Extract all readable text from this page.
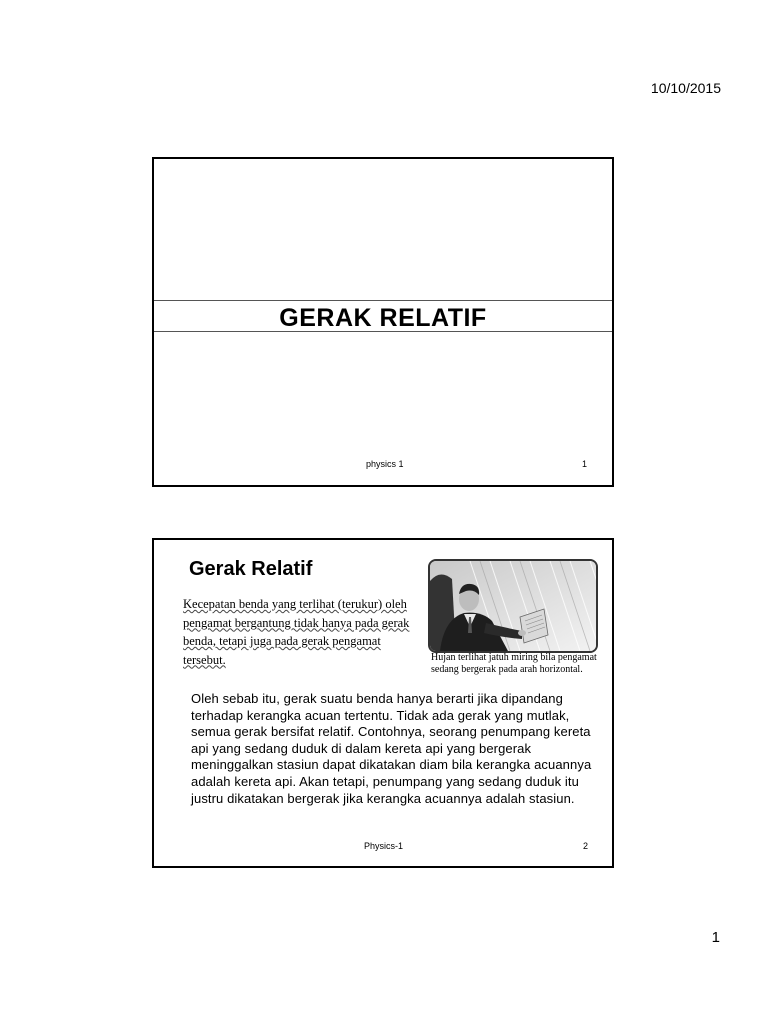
10/10/2015
GERAK RELATIF
physics 1	1
Gerak Relatif
Kecepatan benda yang terlihat (terukur) oleh pengamat bergantung tidak hanya pada gerak benda, tetapi juga pada gerak pengamat tersebut.	Hujan terlihat jatuh miring bila pengamat sedang bergerak pada arah horizontal.
Oleh sebab itu, gerak suatu benda hanya berarti jika dipandang terhadap kerangka acuan tertentu. Tidak ada gerak yang mutlak, semua gerak bersifat relatif. Contohnya, seorang penumpang kereta api yang sedang duduk di dalam kereta api yang bergerak meninggalkan stasiun dapat dikatakan diam bila kerangka acuannya adalah kereta api. Akan tetapi, penumpang yang sedang duduk itu justru dikatakan bergerak jika kerangka acuannya adalah stasiun.
Physics-1	2
1
